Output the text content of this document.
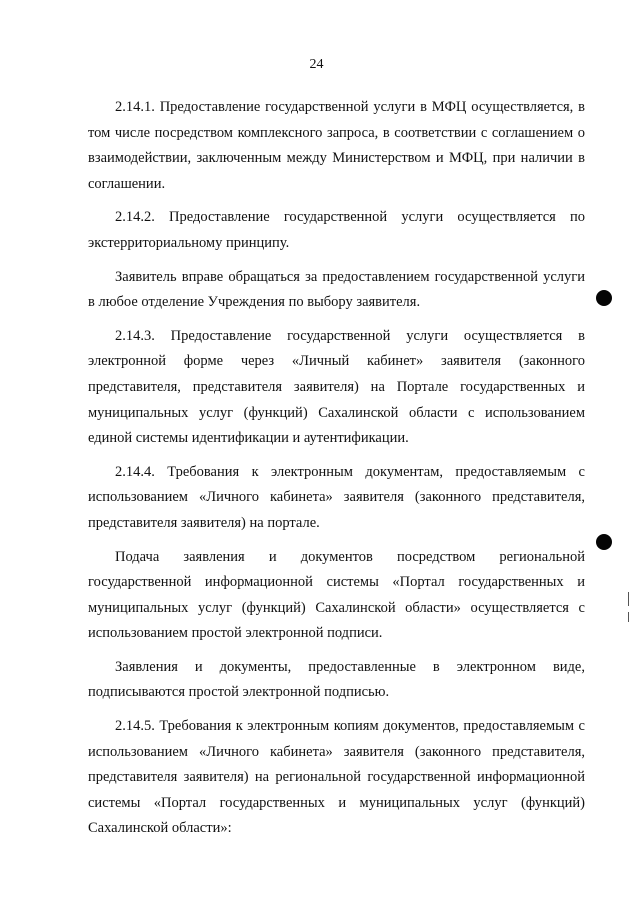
24

2.14.1. Предоставление государственной услуги в МФЦ осуществляется, в том числе посредством комплексного запроса, в соответствии с соглашением о взаимодействии, заключенным между Министерством и МФЦ, при наличии в соглашении.

2.14.2. Предоставление государственной услуги осуществляется по экстерриториальному принципу.

Заявитель вправе обращаться за предоставлением государственной услуги в любое отделение Учреждения по выбору заявителя.

2.14.3. Предоставление государственной услуги осуществляется в электронной форме через «Личный кабинет» заявителя (законного представителя, представителя заявителя) на Портале государственных и муниципальных услуг (функций) Сахалинской области с использованием единой системы идентификации и аутентификации.

2.14.4. Требования к электронным документам, предоставляемым с использованием «Личного кабинета» заявителя (законного представителя, представителя заявителя) на портале.

Подача заявления и документов посредством региональной государственной информационной системы «Портал государственных и муниципальных услуг (функций) Сахалинской области» осуществляется с использованием простой электронной подписи.

Заявления и документы, предоставленные в электронном виде, подписываются простой электронной подписью.

2.14.5. Требования к электронным копиям документов, предоставляемым с использованием «Личного кабинета» заявителя (законного представителя, представителя заявителя) на региональной государственной информационной системы «Портал государственных и муниципальных услуг (функций) Сахалинской области»:
